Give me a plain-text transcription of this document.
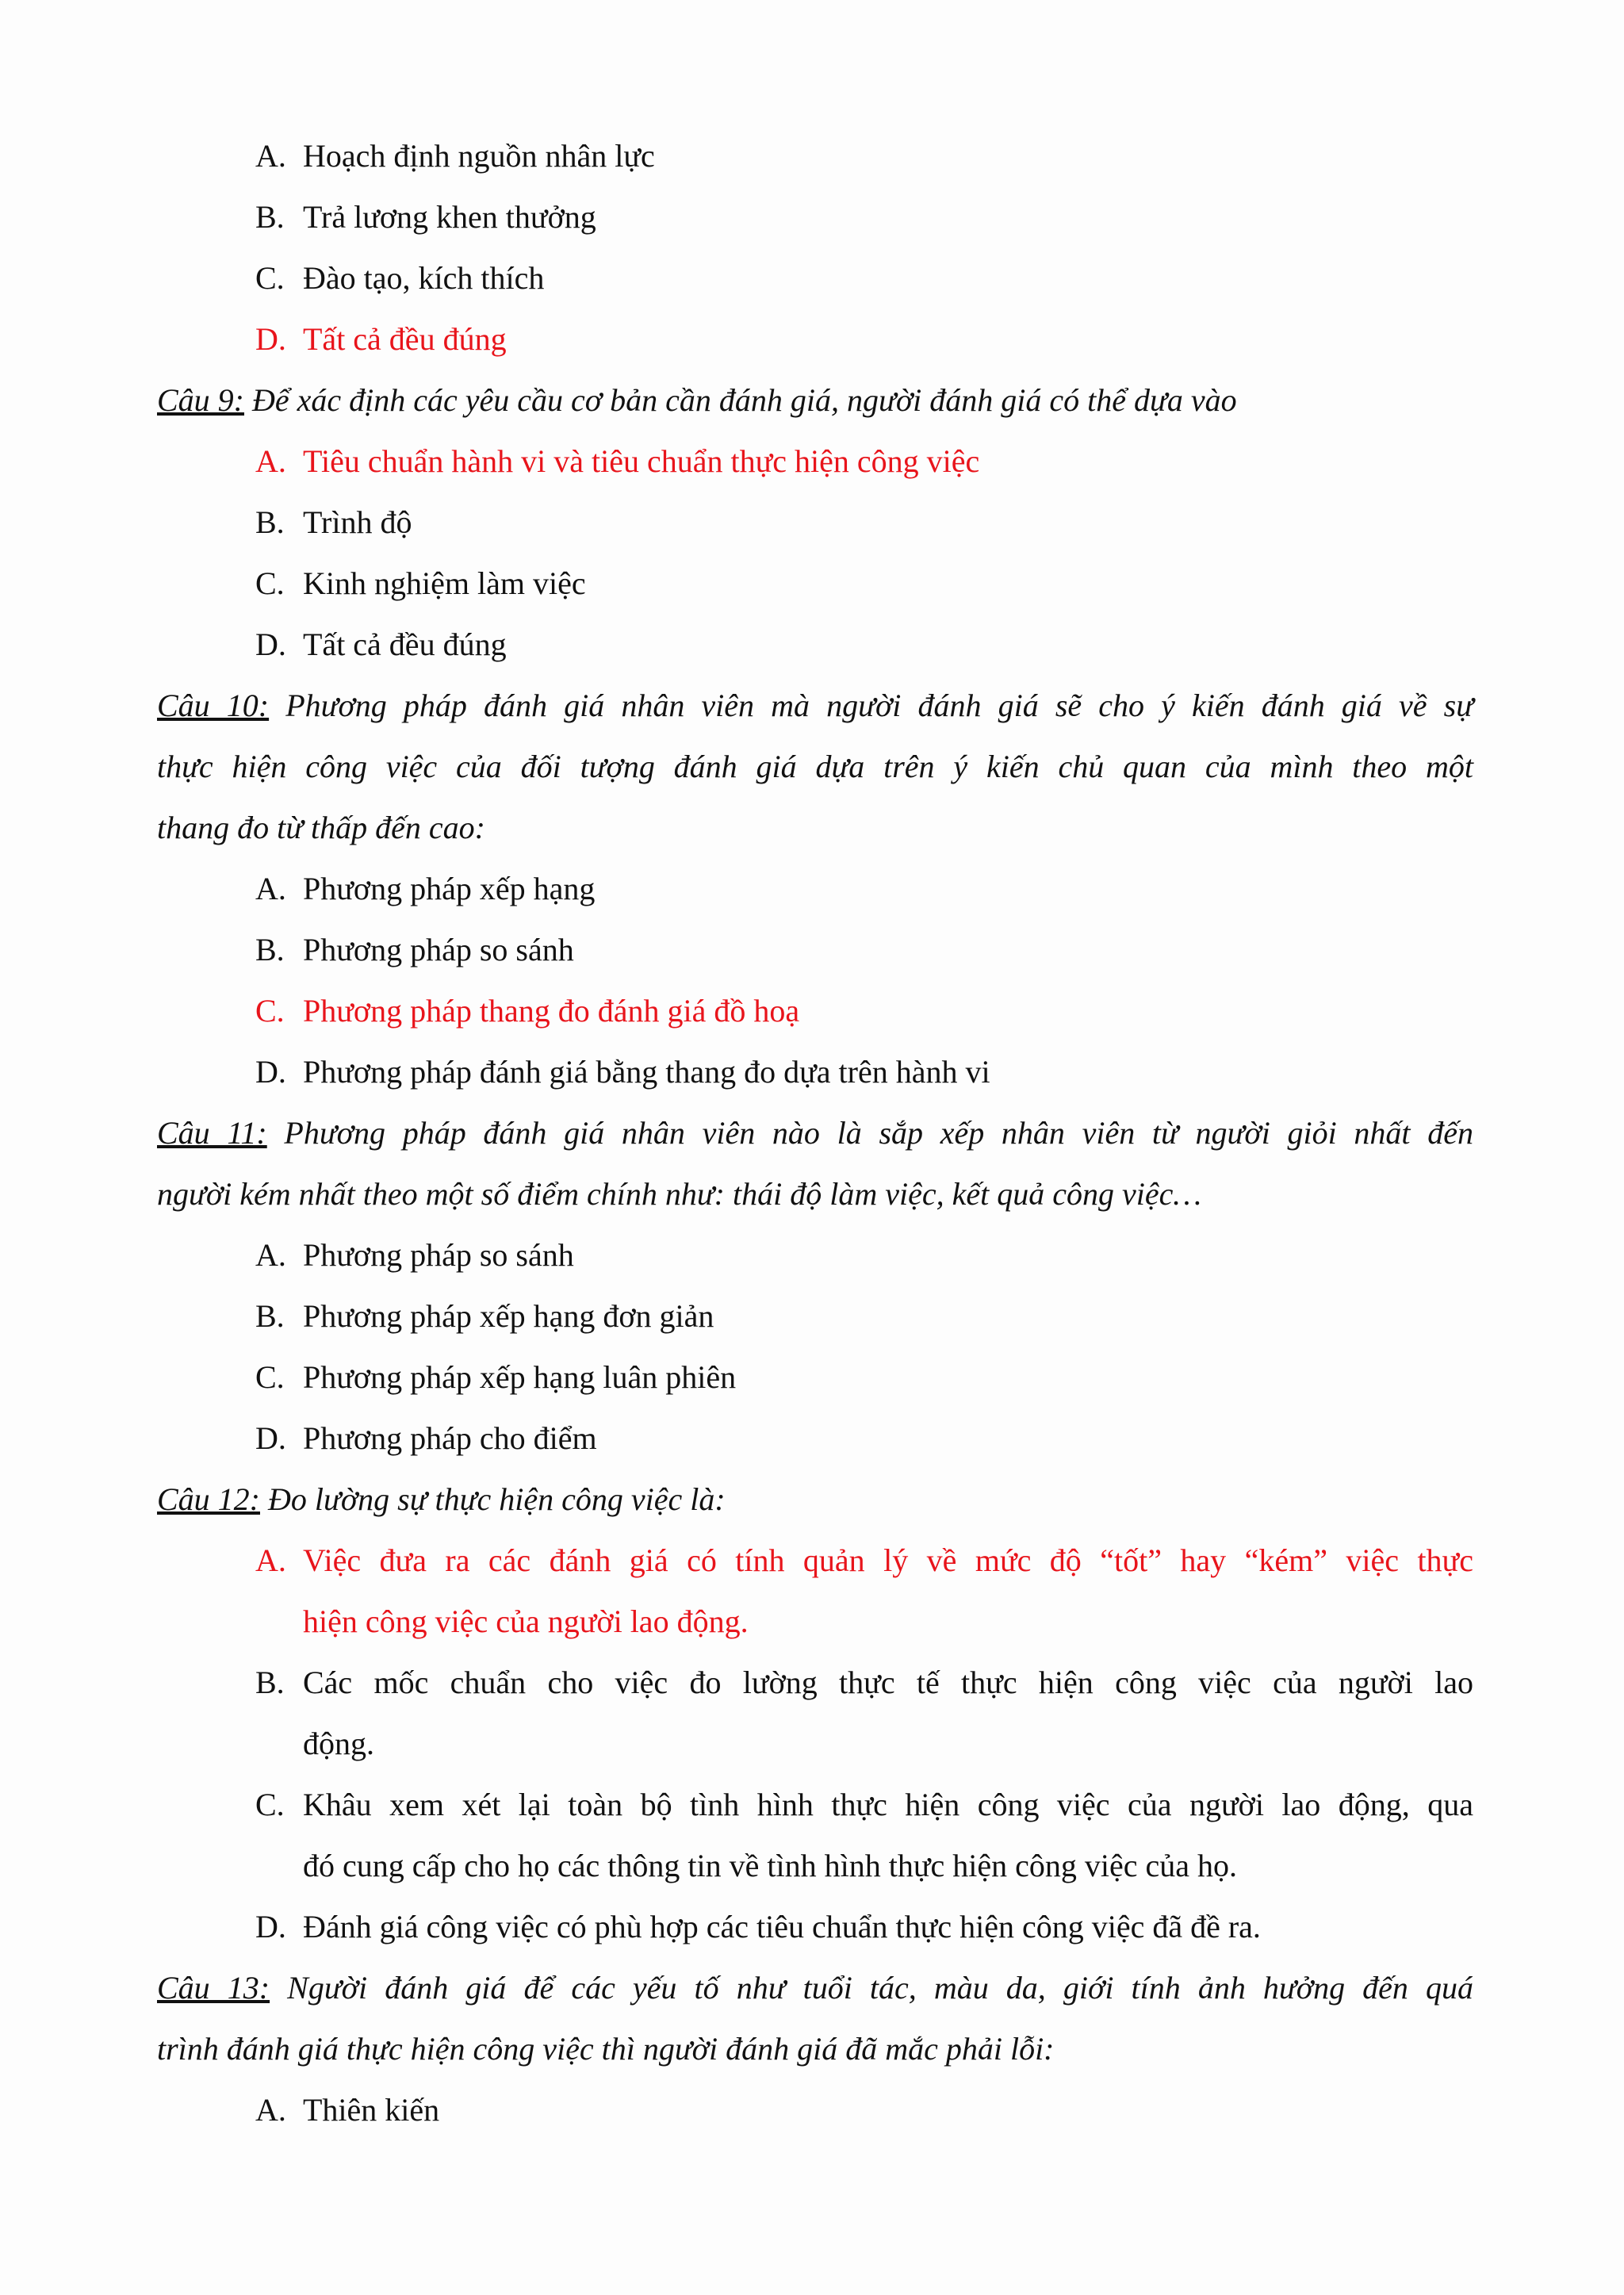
A. Hoạch định nguồn nhân lực
B. Trả lương khen thưởng
C. Đào tạo, kích thích
D. Tất cả đều đúng
Câu 9: Để xác định các yêu cầu cơ bản cần đánh giá, người đánh giá có thể dựa vào
A. Tiêu chuẩn hành vi và tiêu chuẩn thực hiện công việc
B. Trình độ
C. Kinh nghiệm làm việc
D. Tất cả đều đúng
Câu 10: Phương pháp đánh giá nhân viên mà người đánh giá sẽ cho ý kiến đánh giá về sự
thực hiện công việc của đối tượng đánh giá dựa trên ý kiến chủ quan của mình theo một
thang đo từ thấp đến cao:
A. Phương pháp xếp hạng
B. Phương pháp so sánh
C. Phương pháp thang đo đánh giá đồ hoạ
D. Phương pháp đánh giá bằng thang đo dựa trên hành vi
Câu 11: Phương pháp đánh giá nhân viên nào là sắp xếp nhân viên từ người giỏi nhất đến
người kém nhất theo một số điểm chính như: thái độ làm việc, kết quả công việc…
A. Phương pháp so sánh
B. Phương pháp xếp hạng đơn giản
C. Phương pháp xếp hạng luân phiên
D. Phương pháp cho điểm
Câu 12: Đo lường sự thực hiện công việc là:
A. Việc đưa ra các đánh giá có tính quản lý về mức độ “tốt” hay “kém” việc thực
hiện công việc của người lao động.
B. Các mốc chuẩn cho việc đo lường thực tế thực hiện công việc của người lao
động.
C. Khâu xem xét lại toàn bộ tình hình thực hiện công việc của người lao động, qua
đó cung cấp cho họ các thông tin về tình hình thực hiện công việc của họ.
D. Đánh giá công việc có phù hợp các tiêu chuẩn thực hiện công việc đã đề ra.
Câu 13: Người đánh giá để các yếu tố như tuổi tác, màu da, giới tính ảnh hưởng đến quá
trình đánh giá thực hiện công việc thì người đánh giá đã mắc phải lỗi:
A. Thiên kiến
